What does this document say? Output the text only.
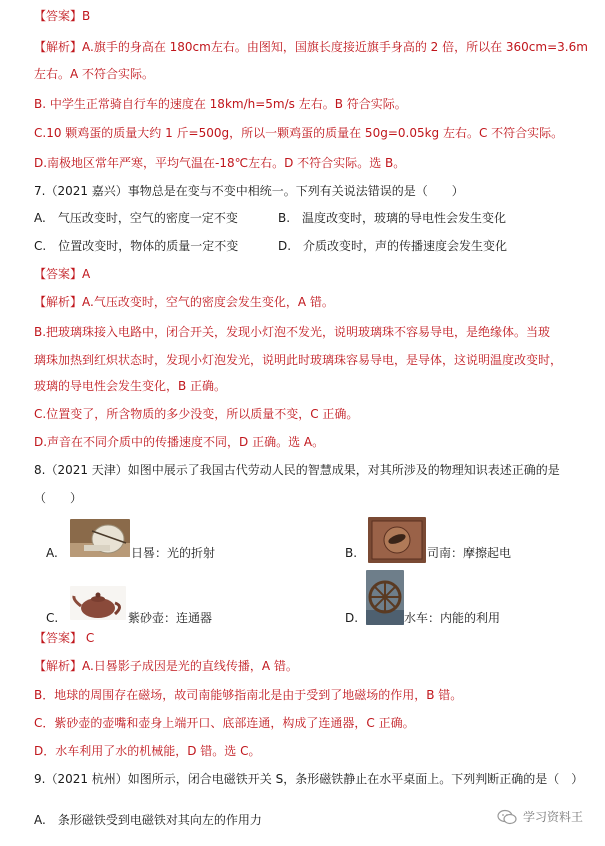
【答案】B
【解析】A.旗手的身高在 180cm左右。由图知，国旗长度接近旗手身高的 2 倍，所以在 360cm=3.6m
左右。A 不符合实际。
B. 中学生正常骑自行车的速度在 18km/h=5m/s 左右。B 符合实际。
C.10 颗鸡蛋的质量大约 1 斤=500g，所以一颗鸡蛋的质量在 50g=0.05kg 左右。C 不符合实际。
D.南极地区常年严寒，平均气温在-18℃左右。D 不符合实际。选 B。
7.（2021 嘉兴）事物总是在变与不变中相统一。下列有关说法错误的是（　　）
A.　气压改变时，空气的密度一定不变	B.　温度改变时，玻璃的导电性会发生变化
C.　位置改变时，物体的质量一定不变	D.　介质改变时，声的传播速度会发生变化
【答案】A
【解析】A.气压改变时，空气的密度会发生变化，A 错。
B.把玻璃珠接入电路中，闭合开关，发现小灯泡不发光，说明玻璃珠不容易导电，是绝缘体。当玻
璃珠加热到红炽状态时，发现小灯泡发光，说明此时玻璃珠容易导电，是导体，这说明温度改变时，
玻璃的导电性会发生变化，B 正确。
C.位置变了，所含物质的多少没变，所以质量不变，C 正确。
D.声音在不同介质中的传播速度不同，D 正确。选 A。
8.（2021 天津）如图中展示了我国古代劳动人民的智慧成果，对其所涉及的物理知识表述正确的是
（　　）
A.	日晷：光的折射	B.	司南：摩擦起电
C.	紫砂壶：连通器	D.	水车：内能的利用
【答案】 C
【解析】A.日晷影子成因是光的直线传播，A 错。
B．地球的周围存在磁场，故司南能够指南北是由于受到了地磁场的作用，B 错。
C．紫砂壶的壶嘴和壶身上端开口、底部连通，构成了连通器，C 正确。
D．水车利用了水的机械能，D 错。选 C。
9.（2021 杭州）如图所示，闭合电磁铁开关 S，条形磁铁静止在水平桌面上。下列判断正确的是（　）
A.　条形磁铁受到电磁铁对其向左的作用力	学习资料王
